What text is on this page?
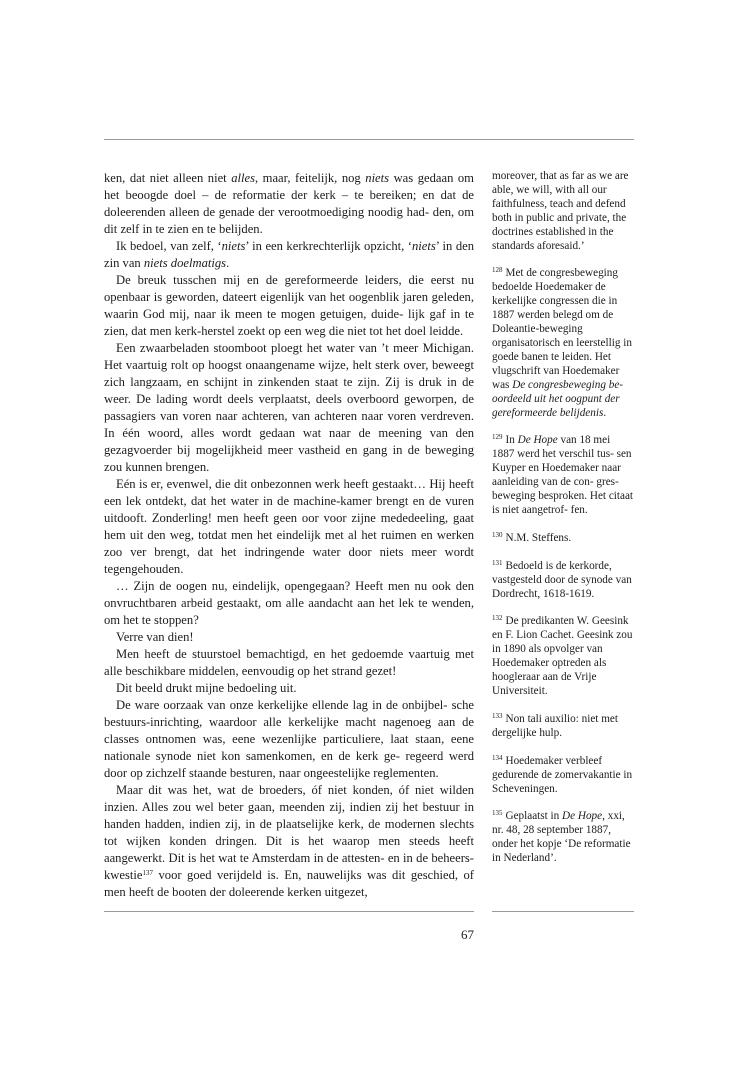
ken, dat niet alleen niet alles, maar, feitelijk, nog niets was gedaan om het beoogde doel – de reformatie der kerk – te bereiken; en dat de doleerenden alleen de genade der verootmoediging noodig had- den, om dit zelf in te zien en te belijden.

Ik bedoel, van zelf, ‘niets’ in een kerkrechterlijk opzicht, ‘niets’ in den zin van niets doelmatigs.

De breuk tusschen mij en de gereformeerde leiders, die eerst nu openbaar is geworden, dateert eigenlijk van het oogenblik jaren geleden, waarin God mij, naar ik meen te mogen getuigen, duide- lijk gaf in te zien, dat men kerk-herstel zoekt op een weg die niet tot het doel leidde.

Een zwaarbeladen stoomboot ploegt het water van ’t meer Michigan. Het vaartuig rolt op hoogst onaangename wijze, helt sterk over, beweegt zich langzaam, en schijnt in zinkenden staat te zijn. Zij is druk in de weer. De lading wordt deels verplaatst, deels overboord geworpen, de passagiers van voren naar achteren, van achteren naar voren verdreven. In één woord, alles wordt gedaan wat naar de meening van den gezagvoerder bij mogelijkheid meer vastheid en gang in de beweging zou kunnen brengen.

Eén is er, evenwel, die dit onbezonnen werk heeft gestaakt… Hij heeft een lek ontdekt, dat het water in de machine-kamer brengt en de vuren uitdooft. Zonderling! men heeft geen oor voor zijne mededeeling, gaat hem uit den weg, totdat men het eindelijk met al het ruimen en werken zoo ver brengt, dat het indringende water door niets meer wordt tegengehouden.

… Zijn de oogen nu, eindelijk, opengegaan? Heeft men nu ook den onvruchtbaren arbeid gestaakt, om alle aandacht aan het lek te wenden, om het te stoppen?

Verre van dien!

Men heeft de stuurstoel bemachtigd, en het gedoemde vaartuig met alle beschikbare middelen, eenvoudig op het strand gezet!

Dit beeld drukt mijne bedoeling uit.

De ware oorzaak van onze kerkelijke ellende lag in de onbijbel- sche bestuurs-inrichting, waardoor alle kerkelijke macht nagenoeg aan de classes ontnomen was, eene wezenlijke particuliere, laat staan, eene nationale synode niet kon samenkomen, en de kerk ge- regeerd werd door op zichzelf staande besturen, naar ongeestelijke reglementen.

Maar dit was het, wat de broeders, óf niet konden, óf niet wilden inzien. Alles zou wel beter gaan, meenden zij, indien zij het bestuur in handen hadden, indien zij, in de plaatselijke kerk, de modernen slechts tot wijken konden dringen. Dit is het waarop men steeds heeft aangewerkt. Dit is het wat te Amsterdam in de attesten- en in de beheers-kwestie$^{137}$ voor goed verijdeld is. En, nauwelijks was dit geschied, of men heeft de booten der doleerende kerken uitgezet,

moreover, that as far as we are able, we will, with all our faithfulness, teach and defend both in public and private, the doctrines established in the standards aforesaid.’
$^{128}$ Met de congresbeweging bedoelde Hoedemaker de kerkelijke congressen die in 1887 werden belegd om de Doleantie-beweging organisatorisch en leerstellig in goede banen te leiden. Het vlugschrift van Hoedemaker was De congresbeweging be- oordeeld uit het oogpunt der gereformeerde belijdenis.
$^{129}$ In De Hope van 18 mei 1887 werd het verschil tus- sen Kuyper en Hoedemaker naar aanleiding van de con- gres-beweging besproken. Het citaat is niet aangetrof- fen.
$^{130}$ N.M. Steffens.
$^{131}$ Bedoeld is de kerkorde, vastgesteld door de synode van Dordrecht, 1618-1619.
$^{132}$ De predikanten W. Geesink en F. Lion Cachet. Geesink zou in 1890 als opvolger van Hoedemaker optreden als hoogleraar aan de Vrije Universiteit.
$^{133}$ Non tali auxilio: niet met dergelijke hulp.
$^{134}$ Hoedemaker verbleef gedurende de zomervakantie in Scheveningen.
$^{135}$ Geplaatst in De Hope, xxi, nr. 48, 28 september 1887, onder het kopje ‘De reformatie in Nederland’.
67
